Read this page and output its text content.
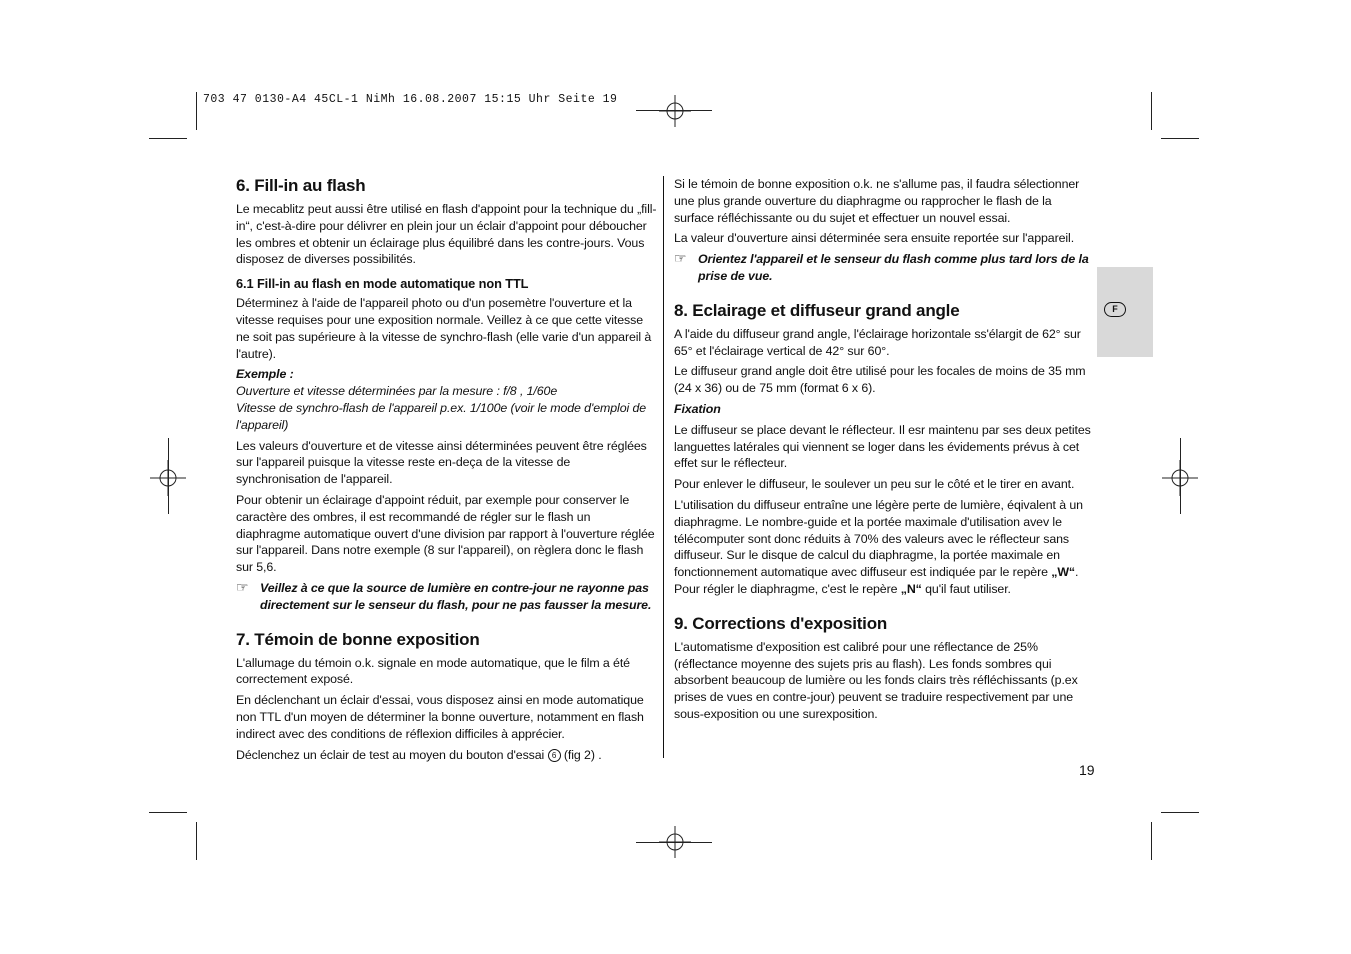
703 47 0130-A4 45CL-1 NiMh 16.08.2007 15:15 Uhr Seite 19
F
6. Fill-in au flash

Le mecablitz peut aussi être utilisé en flash d'appoint pour la technique du „fill-in“, c'est-à-dire pour délivrer en plein jour un éclair d'appoint pour déboucher les ombres et obtenir un éclairage plus équilibré dans les contre-jours. Vous disposez de diverses possibilités.

6.1 Fill-in au flash en mode automatique non TTL

Déterminez à l'aide de l'appareil photo ou d'un posemètre l'ouverture et la vitesse requises pour une exposition normale. Veillez à ce que cette vitesse ne soit pas supérieure à la vitesse de synchro-flash (elle varie d'un appareil à l'autre).

Exemple :
Ouverture et vitesse déterminées par la mesure : f/8 , 1/60e

Vitesse de synchro-flash de l'appareil p.ex. 1/100e (voir le mode d'emploi de l'appareil)

Les valeurs d'ouverture et de vitesse ainsi déterminées peuvent être réglées sur l'appareil puisque la vitesse reste en-deça de la vitesse de synchronisation de l'appareil.

Pour obtenir un éclairage d'appoint réduit, par exemple pour conserver le caractère des ombres, il est recommandé de régler sur le flash un diaphragme automatique ouvert d'une division par rapport à l'ouverture réglée sur l'appareil. Dans notre exemple (8 sur l'appareil), on règlera donc le flash sur 5,6.

☞ Veillez à ce que la source de lumière en contre-jour ne rayonne pas directement sur le senseur du flash, pour ne pas fausser la mesure.
7. Témoin de bonne exposition

L'allumage du témoin o.k. signale en mode automatique, que le film a été correctement exposé.

En déclenchant un éclair d'essai, vous disposez ainsi en mode automatique non TTL d'un moyen de déterminer la bonne ouverture, notamment en flash indirect avec des conditions de réflexion difficiles à apprécier.

Déclenchez un éclair de test au moyen du bouton d'essai 6 (fig 2) .

Si le témoin de bonne exposition o.k. ne s'allume pas, il faudra sélectionner une plus grande ouverture du diaphragme ou rapprocher le flash de la surface réfléchissante ou du sujet et effectuer un nouvel essai.

La valeur d'ouverture ainsi déterminée sera ensuite reportée sur l'appareil.

☞ Orientez l'appareil et le senseur du flash comme plus tard lors de la prise de vue.
8. Eclairage et diffuseur grand angle

A l'aide du diffuseur grand angle, l'éclairage horizontale ss'élargit de 62° sur 65° et l'éclairage vertical de 42° sur 60°.

Le diffuseur grand angle doit être utilisé pour les focales de moins de 35 mm (24 x 36) ou de 75 mm (format 6 x 6).

Fixation

Le diffuseur se place devant le réflecteur. Il esr maintenu par ses deux petites languettes latérales qui viennent se loger dans les évidements prévus à cet effet sur le réflecteur.

Pour enlever le diffuseur, le soulever un peu sur le côté et le tirer en avant.

L'utilisation du diffuseur entraîne une légère perte de lumière, éqivalent à un diaphragme. Le nombre-guide et la portée maximale d'utilisation avev le télécomputer sont donc réduits à 70% des valeurs avec le réflecteur sans diffuseur. Sur le disque de calcul du diaphragme, la portée maximale en fonctionnement automatique avec diffuseur est indiquée par le repère „W“. Pour régler le diaphragme, c'est le repère „N“ qu'il faut utiliser.

9. Corrections d'exposition

L'automatisme d'exposition est calibré pour une réflectance de 25% (réflectance moyenne des sujets pris au flash). Les fonds sombres qui absorbent beaucoup de lumière ou les fonds clairs très réfléchissants (p.ex prises de vues en contre-jour) peuvent se traduire respectivement par une sous-exposition ou une surexposition.

19
